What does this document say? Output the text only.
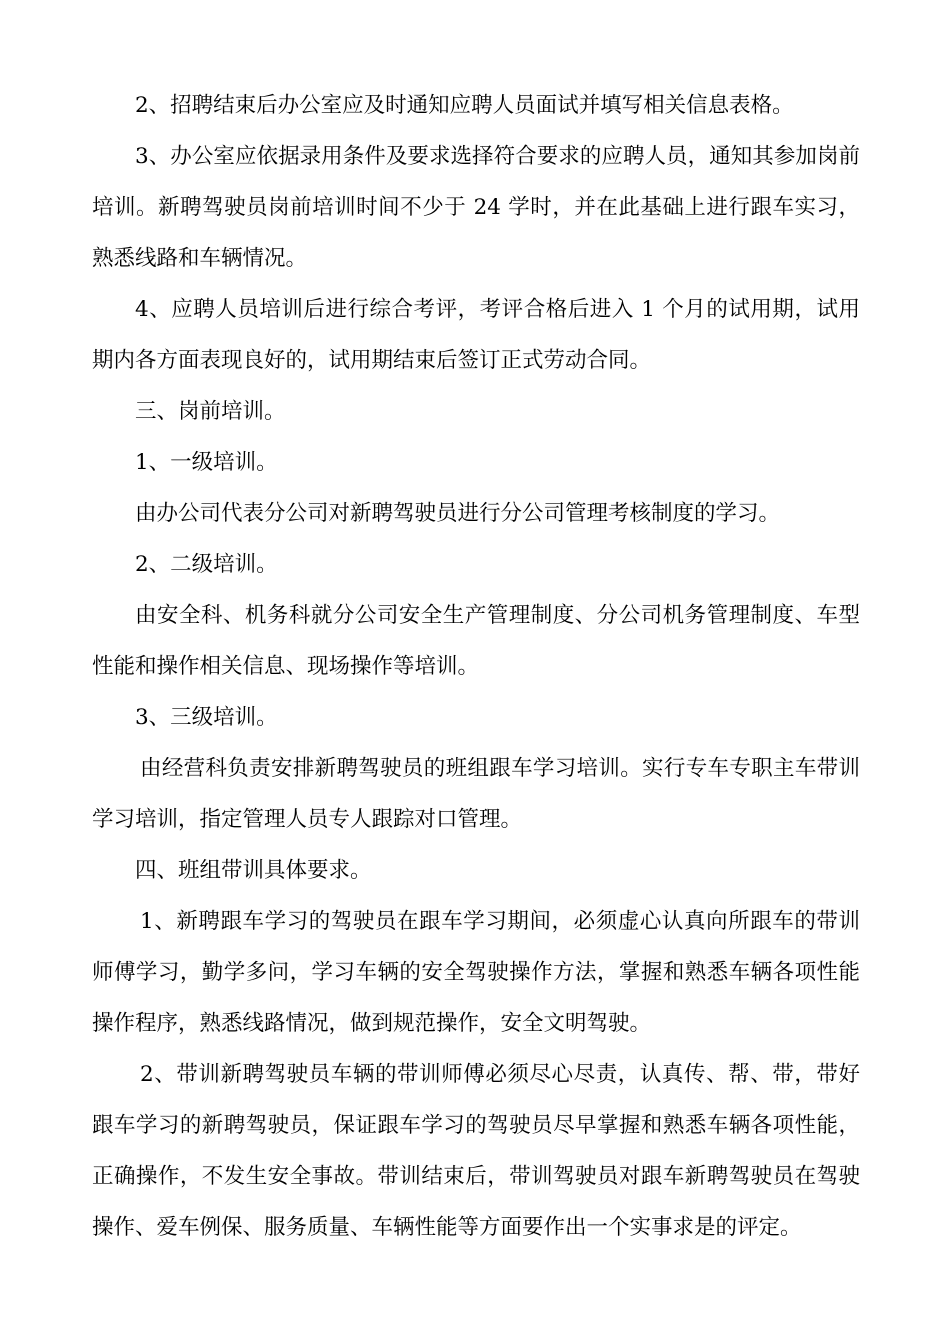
2、招聘结束后办公室应及时通知应聘人员面试并填写相关信息表格。

3、办公室应依据录用条件及要求选择符合要求的应聘人员，通知其参加岗前培训。新聘驾驶员岗前培训时间不少于 24 学时，并在此基础上进行跟车实习，熟悉线路和车辆情况。

4、应聘人员培训后进行综合考评，考评合格后进入 1 个月的试用期，试用期内各方面表现良好的，试用期结束后签订正式劳动合同。

三、岗前培训。

1、一级培训。

由办公司代表分公司对新聘驾驶员进行分公司管理考核制度的学习。

2、二级培训。

由安全科、机务科就分公司安全生产管理制度、分公司机务管理制度、车型性能和操作相关信息、现场操作等培训。

3、三级培训。

由经营科负责安排新聘驾驶员的班组跟车学习培训。实行专车专职主车带训学习培训，指定管理人员专人跟踪对口管理。

四、班组带训具体要求。

1、新聘跟车学习的驾驶员在跟车学习期间，必须虚心认真向所跟车的带训师傅学习，勤学多问，学习车辆的安全驾驶操作方法，掌握和熟悉车辆各项性能操作程序，熟悉线路情况，做到规范操作，安全文明驾驶。

2、带训新聘驾驶员车辆的带训师傅必须尽心尽责，认真传、帮、带，带好跟车学习的新聘驾驶员，保证跟车学习的驾驶员尽早掌握和熟悉车辆各项性能，正确操作，不发生安全事故。带训结束后，带训驾驶员对跟车新聘驾驶员在驾驶操作、爱车例保、服务质量、车辆性能等方面要作出一个实事求是的评定。
